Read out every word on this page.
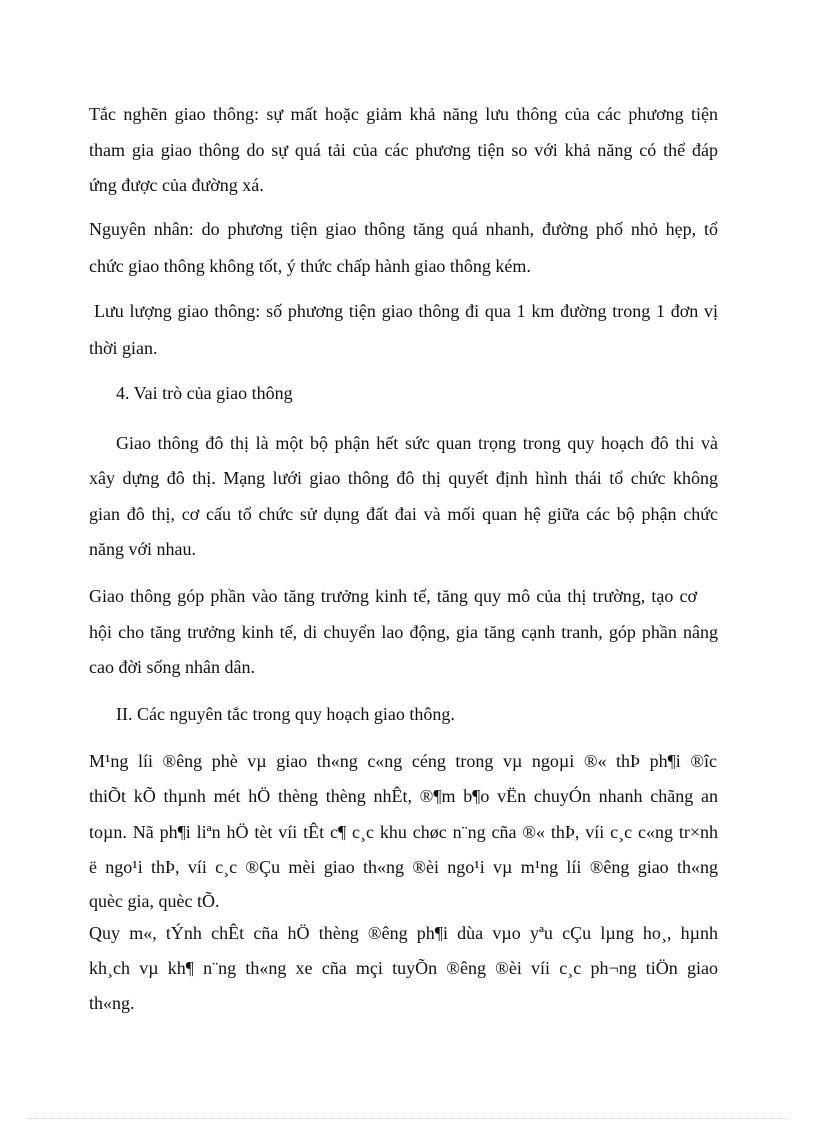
Tắc nghẽn giao thông: sự mất hoặc giảm khả năng lưu thông của các phương tiện
tham gia giao thông do sự quá tải của các phương tiện so với khả năng có thể đáp
ứng được của đường xá.
Nguyên nhân: do phương tiện giao thông tăng quá nhanh, đường phố nhỏ hẹp, tổ
chức giao thông không tốt, ý thức chấp hành giao thông kém.
Lưu lượng giao thông: số phương tiện giao thông đi qua 1 km đường trong 1 đơn vị
thời gian.
4. Vai trò của giao thông
Giao thông đô thị là một bộ phận hết sức quan trọng trong quy hoạch đô thi và
xây dựng đô thị. Mạng lưới giao thông đô thị quyết định hình thái tổ chức không
gian đô thị, cơ cấu tổ chức sử dụng đất đai và mối quan hệ giữa các bộ phận chức
năng với nhau.
Giao thông góp phần vào tăng trưởng kinh tế, tăng quy mô của thị trường, tạo cơ
hội cho tăng trưởng kinh tế, di chuyển lao động, gia tăng cạnh tranh, góp phần nâng
cao đời sống nhân dân.
II. Các nguyên tắc trong quy hoạch giao thông.
M¹ng líi ®êng phè vµ giao th«ng c«ng céng trong vµ ngoµi ®« thÞ ph¶i ®îc
thiÕt kÕ thµnh mét hÖ thèng thèng nhÊt, ®¶m b¶o vËn chuyÓn nhanh chãng an
toµn. Nã ph¶i liªn hÖ tèt víi tÊt c¶ c¸c khu chøc n¨ng cña ®« thÞ, víi c¸c c«ng tr×nh
ë ngo¹i thÞ, víi c¸c ®Çu mèi giao th«ng ®èi ngo¹i vµ m¹ng líi ®êng giao th«ng
quèc gia, quèc tÕ.
Quy m«, tÝnh chÊt cña hÖ thèng ®êng ph¶i dùa vµo yªu cÇu lµng ho¸, hµnh
kh¸ch vµ kh¶ n¨ng th«ng xe cña mçi tuyÕn ®êng ®èi víi c¸c ph¬ng tiÖn giao
th«ng.
